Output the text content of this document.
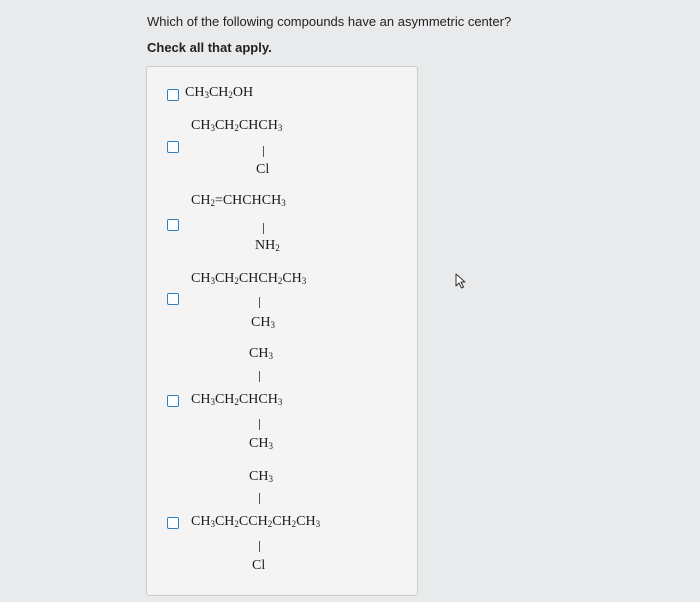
Which of the following compounds have an asymmetric center?
Check all that apply.
$CH_3CH_2OH$
$CH_3CH_2CHCH_3$
Cl
$CH_2=CHCHCH_3$
$NH_2$
$CH_3CH_2CHCH_2CH_3$
$CH_3$
$CH_3$
$CH_3CH_2CHCH_3$
$CH_3$
$CH_3$
$CH_3CH_2CCH_2CH_2CH_3$
Cl
